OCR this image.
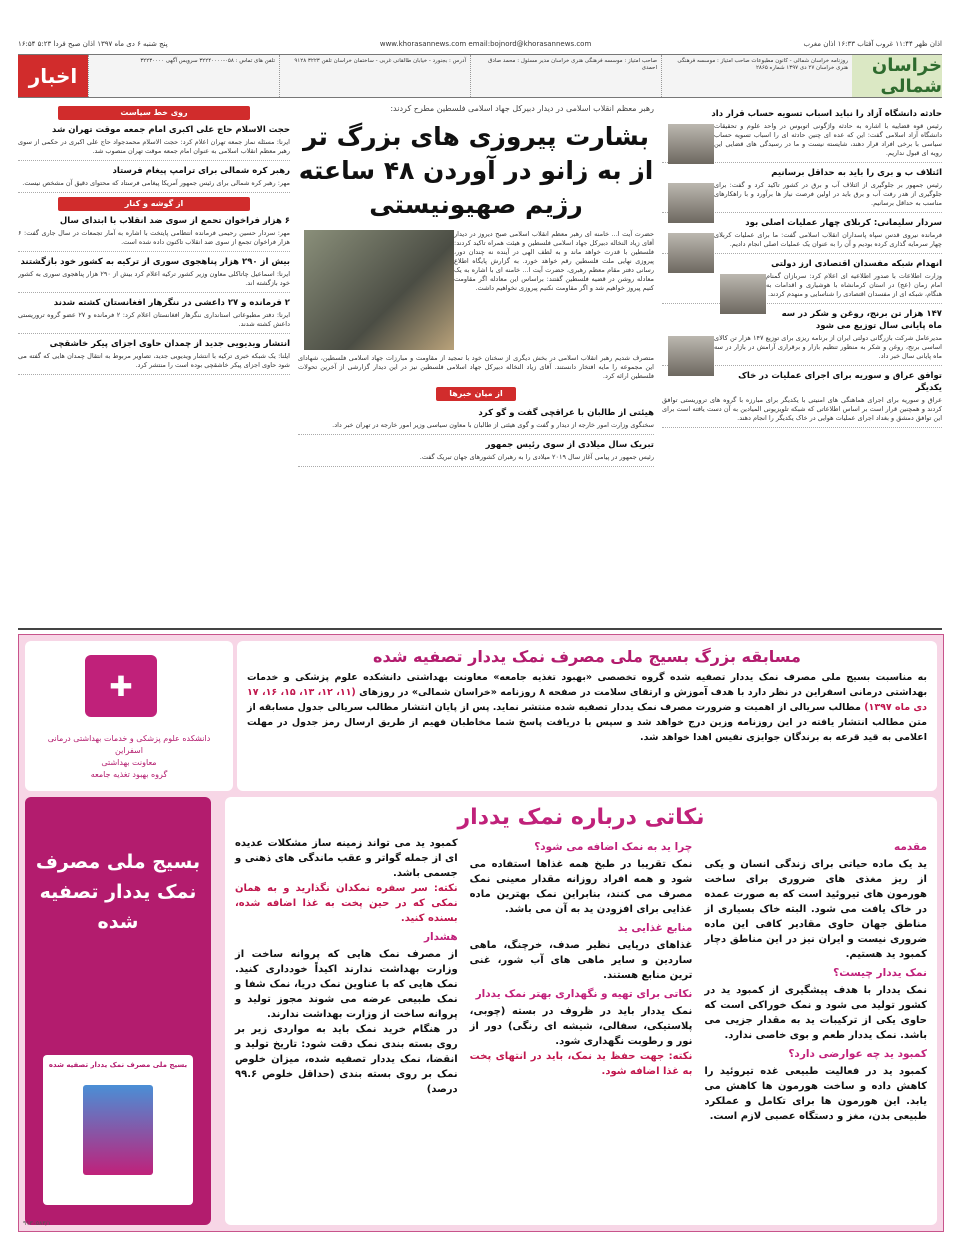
پنج شنبه ۶ دی ماه ۱۳۹۷ اذان صبح فردا ۵:۲۳ ۱۶:۵۴	www.khorasannews.com email:bojnord@khorasannews.com	اذان ظهر ۱۱:۴۴ غروب آفتاب ۱۶:۳۳ اذان مغرب
خراسان شمالی
روزنامه خراسان شمالی - کانون مطبوعات صاحب امتیاز : موسسه فرهنگی هنری خراسان ۲۷ دی ۱۳۹۷ شماره ۲۸۶۵
صاحب امتیاز : موسسه فرهنگی هنری خراسان مدیر مسئول : محمد صادق احمدی
آدرس : بجنورد - خیابان طالقانی غربی - ساختمان خراسان تلفن ۳۲۲۳ ۹۱۲۸
تلفن های تماس : ۰۵۸-۳۲۲۴۰۰۰۰ سرویس آگهی ۳۲۲۳۰۰۰۰
اخبار
حادثه دانشگاه آزاد را نباید اسباب تسویه حساب قرار داد
رئیس قوه قضاییه با اشاره به حادثه واژگونی اتوبوس در واحد علوم و تحقیقات دانشگاه آزاد اسلامی گفت: این که عده ای چنین حادثه ای را اسباب تسویه حساب سیاسی با برخی افراد قرار دهند، شایسته نیست و ما در رسیدگی های قضایی این رویه ای قبول نداریم.
ائتلاف ب و بری را باید به حداقل برسانیم
رئیس جمهور بر جلوگیری از ائتلاف آب و برق در کشور تاکید کرد و گفت: برای جلوگیری از هدر رفت آب و برق باید در اولین فرصت نیاز ها برآورد و با راهکارهای مناسب به حداقل برسانیم.
سردار سلیمانی: کربلای چهار عملیات اصلی بود
فرمانده نیروی قدس سپاه پاسداران انقلاب اسلامی گفت: ما برای عملیات کربلای چهار سرمایه گذاری کرده بودیم و آن را به عنوان یک عملیات اصلی انجام دادیم.
انهدام شبکه مفسدان اقتصادی ارز دولتی
وزارت اطلاعات با صدور اطلاعیه ای اعلام کرد: سربازان گمنام امام زمان (عج) در استان کرمانشاه با هوشیاری و اقدامات به هنگام، شبکه ای از مفسدان اقتصادی را شناسایی و منهدم کردند.
۱۴۷ هزار تن برنج، روغن و شکر در سه ماه پایانی سال توزیع می شود
مدیرعامل شرکت بازرگانی دولتی ایران از برنامه ریزی برای توزیع ۱۴۷ هزار تن کالای اساسی برنج، روغن و شکر به منظور تنظیم بازار و برقراری آرامش در بازار در سه ماه پایانی سال خبر داد.
توافق عراق و سوریه برای اجرای عملیات در خاک یکدیگر
عراق و سوریه برای اجرای هماهنگی های امنیتی با یکدیگر برای مبارزه با گروه های تروریستی توافق کردند و همچنین قرار است بر اساس اطلاعاتی که شبکه تلویزیونی المیادین به آن دست یافته است برای این توافق دمشق و بغداد اجرای عملیات هوایی در خاک یکدیگر را انجام دهند.
رهبر معظم انقلاب اسلامی در دیدار دبیرکل جهاد اسلامی فلسطین مطرح کردند:
بشارت پیروزی های بزرگ تر از به زانو در آوردن ۴۸ ساعته رژیم صهیونیستی
حضرت آیت ا... خامنه ای رهبر معظم انقلاب اسلامی صبح دیروز در دیدار آقای زیاد النخاله دبیرکل جهاد اسلامی فلسطین و هیئت همراه تاکید کردند: فلسطین با قدرت خواهد ماند و به لطف الهی در آینده نه چندان دور، پیروزی نهایی ملت فلسطین رقم خواهد خورد. به گزارش پایگاه اطلاع رسانی دفتر مقام معظم رهبری، حضرت آیت ا... خامنه ای با اشاره به یک معادله روشن در قضیه فلسطین گفتند: براساس این معادله اگر مقاومت کنیم پیروز خواهیم شد و اگر مقاومت نکنیم پیروزی نخواهیم داشت.
متصرف شدیم رهبر انقلاب اسلامی در بخش دیگری از سخنان خود با تمجید از مقاومت و مبارزات جهاد اسلامی فلسطین، شهادای این مجموعه را مایه افتخار دانستند. آقای زیاد النخاله دبیرکل جهاد اسلامی فلسطین نیز در این دیدار گزارشی از آخرین تحولات فلسطین ارائه کرد.
از میان خبرها
هیئتی از طالبان با عراقچی گفت و گو کرد
سخنگوی وزارت امور خارجه از دیدار و گفت و گوی هیئتی از طالبان با معاون سیاسی وزیر امور خارجه در تهران خبر داد.
تبریک سال میلادی از سوی رئیس جمهور
رئیس جمهور در پیامی آغاز سال ۲۰۱۹ میلادی را به رهبران کشورهای جهان تبریک گفت.
روی خط سیاست
حجت الاسلام حاج علی اکبری امام جمعه موقت تهران شد
ایرنا: مسئله نماز جمعه تهران اعلام کرد: حجت الاسلام محمدجواد حاج علی اکبری در حکمی از سوی رهبر معظم انقلاب اسلامی به عنوان امام جمعه موقت تهران منصوب شد.
رهبر کره شمالی برای ترامپ پیغام فرستاد
مهر: رهبر کره شمالی برای رئیس جمهور آمریکا پیغامی فرستاد که محتوای دقیق آن مشخص نیست.
از گوشه و کنار
۶ هزار فراخوان تحمع از سوی ضد انقلاب با ابتدای سال
مهر: سردار حسین رحیمی فرمانده انتظامی پایتخت با اشاره به آمار تجمعات در سال جاری گفت: ۶ هزار فراخوان تجمع از سوی ضد انقلاب تاکنون داده شده است.
بیش از ۲۹۰ هزار پناهجوی سوری از ترکیه به کشور خود بازگشتند
ایرنا: اسماعیل چاتاکلی معاون وزیر کشور ترکیه اعلام کرد بیش از ۲۹۰ هزار پناهجوی سوری به کشور خود بازگشته اند.
۲ فرمانده و ۲۷ داعشی در ننگرهار افغانستان کشته شدند
ایرنا: دفتر مطبوعاتی استانداری ننگرهار افغانستان اعلام کرد: ۲ فرمانده و ۲۷ عضو گروه تروریستی داعش کشته شدند.
انتشار ویدیویی جدید از چمدان حاوی اجزای پیکر خاشقچی
ایلنا: یک شبکه خبری ترکیه با انتشار ویدیویی جدید، تصاویر مربوط به انتقال چمدان هایی که گفته می شود حاوی اجزای پیکر خاشقچی بوده است را منتشر کرد.
✚
دانشکده علوم پزشکی و خدمات بهداشتی درمانی اسفراین
معاونت بهداشتی
گروه بهبود تغذیه جامعه
مسابقه بزرگ بسیج ملی مصرف نمک یددار تصفیه شده
به مناسبت بسیج ملی مصرف نمک یددار تصفیه شده گروه تخصصی «بهبود تغذیه جامعه» معاونت بهداشتی دانشکده علوم پزشکی و خدمات بهداشتی درمانی اسفراین در نظر دارد با هدف آموزش و ارتقای سلامت در صفحه ۸ روزنامه «خراسان شمالی» در روزهای (۱۱، ۱۲، ۱۳، ۱۵، ۱۶، ۱۷ دی ماه ۱۳۹۷) مطالب سریالی از اهمیت و ضرورت مصرف نمک یددار تصفیه شده منتشر نماید. پس از پایان انتشار مطالب سریالی جدول مسابقه از متن مطالب انتشار یافته در این روزنامه وزین درج خواهد شد و سپس با دریافت پاسخ شما مخاطبان فهیم از طریق ارسال رمز جدول در مهلت اعلامی به قید قرعه به برندگان جوایزی نفیس اهدا خواهد شد.
بسیج ملی مصرف نمک یددار تصفیه شده
بسیج ملی مصرف نمک یددار تصفیه شده
نکاتی درباره نمک یددار
مقدمه
ید یک ماده حیاتی برای زندگی انسان و یکی از ریز مغذی های ضروری برای ساخت هورمون های تیروئید است که به صورت عمده در خاک یافت می شود. البته خاک بسیاری از مناطق جهان حاوی مقادیر کافی این ماده ضروری نیست و ایران نیز در این مناطق دچار کمبود ید هستیم.
نمک یددار چیست؟
نمک یددار با هدف پیشگیری از کمبود ید در کشور تولید می شود و نمک خوراکی است که حاوی یکی از ترکیبات ید به مقدار جزیی می باشد. نمک یددار طعم و بوی خاصی ندارد.
کمبود ید چه عوارضی دارد؟
کمبود ید در فعالیت طبیعی غده تیروئید را کاهش داده و ساخت هورمون ها کاهش می یابد. این هورمون ها برای تکامل و عملکرد طبیعی بدن، مغز و دستگاه عصبی لازم است.
چرا ید به نمک اضافه می شود؟
نمک تقریبا در طبخ همه غذاها استفاده می شود و همه افراد روزانه مقدار معینی نمک مصرف می کنند، بنابراین نمک بهترین ماده غذایی برای افزودن ید به آن می باشد.
منابع غذایی ید
غذاهای دریایی نظیر صدف، خرچنگ، ماهی ساردین و سایر ماهی های آب شور، غنی ترین منابع هستند.
نکاتی برای تهیه و نگهداری بهتر نمک یددار
نمک یددار باید در ظروف در بسته (چوبی، پلاستیکی، سفالی، شیشه ای رنگی) دور از نور و رطوبت نگهداری شود.
نکته: جهت حفظ ید نمک، باید در انتهای پخت به غذا اضافه شود.
کمبود ید می تواند زمینه ساز مشکلات عدیده ای از جمله گواتر و عقب ماندگی های ذهنی و جسمی باشد.
نکته: سر سفره نمکدان نگذارید و به همان نمکی که در حین پخت به غذا اضافه شده، بسنده کنید.
هشدار
از مصرف نمک هایی که پروانه ساخت از وزارت بهداشت ندارند اکیداً خودداری کنید. نمک هایی که با عناوین نمک دریا، نمک شفا و نمک طبیعی عرضه می شوند مجوز تولید و پروانه ساخت از وزارت بهداشت ندارند.
در هنگام خرید نمک باید به مواردی زیر بر روی بسته بندی نمک دقت شود: تاریخ تولید و انقضا، نمک یددار تصفیه شده، میزان خلوص نمک بر روی بسته بندی (حداقل خلوص ۹۹.۶ درصد)
۹۱۳۰۵۸۳/۱
